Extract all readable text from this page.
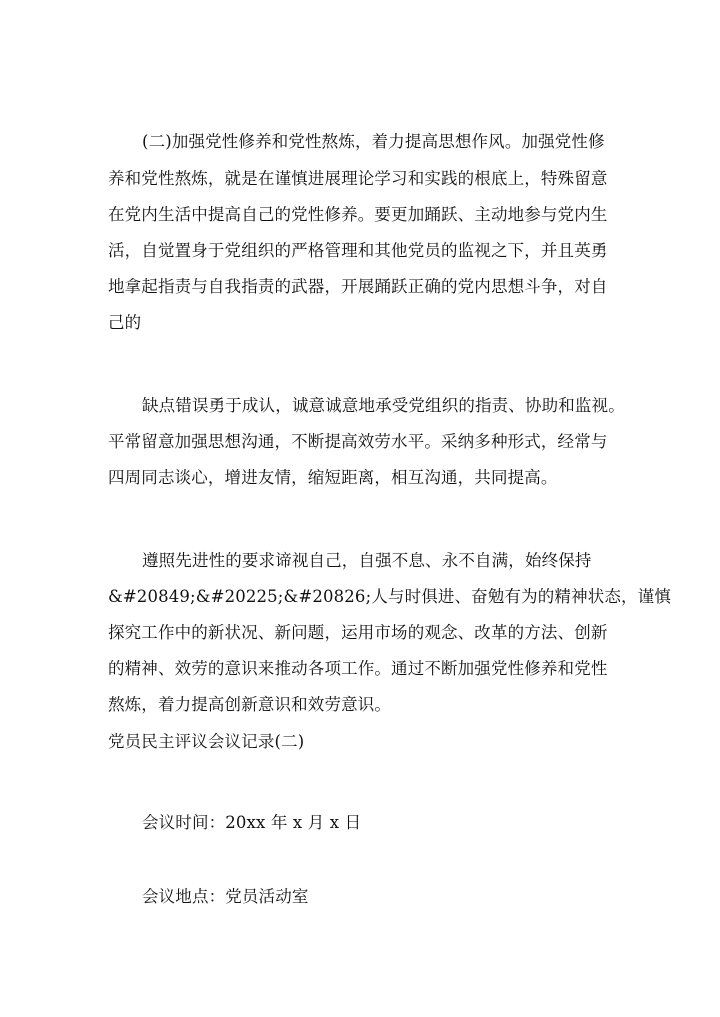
(二)加强党性修养和党性熬炼，着力提高思想作风。加强党性修
养和党性熬炼，就是在谨慎进展理论学习和实践的根底上，特殊留意
在党内生活中提高自己的党性修养。要更加踊跃、主动地参与党内生
活，自觉置身于党组织的严格管理和其他党员的监视之下，并且英勇
地拿起指责与自我指责的武器，开展踊跃正确的党内思想斗争，对自
己的
缺点错误勇于成认，诚意诚意地承受党组织的指责、协助和监视。
平常留意加强思想沟通，不断提高效劳水平。采纳多种形式，经常与
四周同志谈心，增进友情，缩短距离，相互沟通，共同提高。
遵照先进性的要求谛视自己，自强不息、永不自满，始终保持
&#20849;&#20225;&#20826;人与时俱进、奋勉有为的精神状态，谨慎
探究工作中的新状况、新问题，运用市场的观念、改革的方法、创新
的精神、效劳的意识来推动各项工作。通过不断加强党性修养和党性
熬炼，着力提高创新意识和效劳意识。
党员民主评议会议记录(二)
会议时间：20xx 年 x 月 x 日
会议地点：党员活动室
